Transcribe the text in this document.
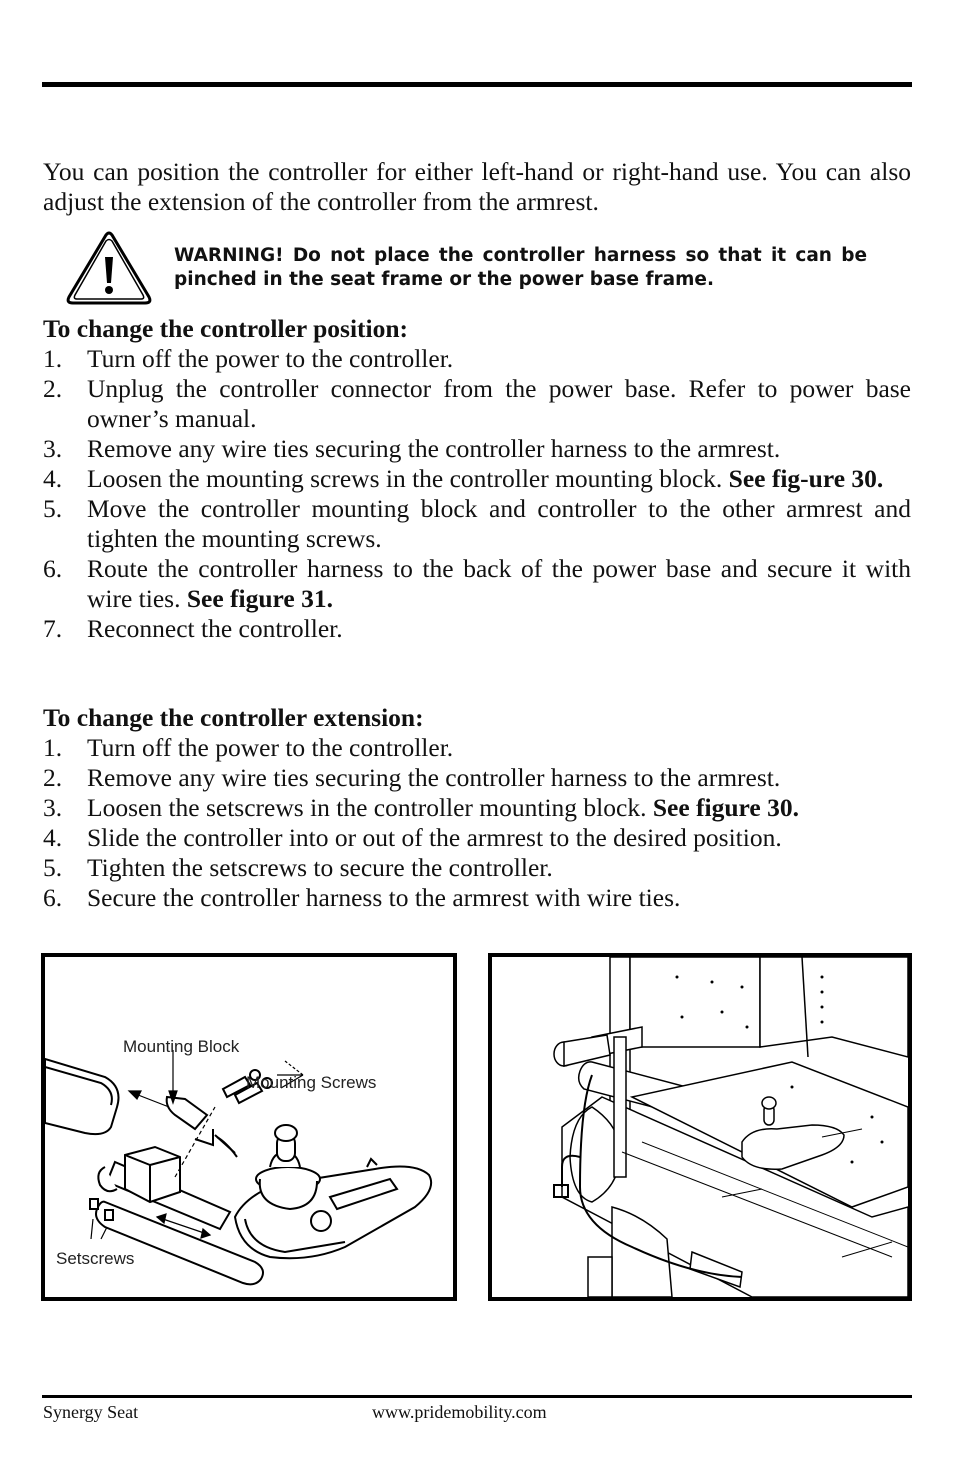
You can position the controller for either left-hand or right-hand use. You can also adjust the extension of the controller from the armrest.

WARNING! Do not place the controller harness so that it can be pinched in the seat frame or the power base frame.

To change the controller position:
1. Turn off the power to the controller.
2. Unplug the controller connector from the power base. Refer to power base owner’s manual.
3. Remove any wire ties securing the controller harness to the armrest.
4. Loosen the mounting screws in the controller mounting block. See fig-ure 30.
5. Move the controller mounting block and controller to the other armrest and tighten the mounting screws.
6. Route the controller harness to the back of the power base and secure it with wire ties. See figure 31.
7. Reconnect the controller.
To change the controller extension:
1. Turn off the power to the controller.
2. Remove any wire ties securing the controller harness to the armrest.
3. Loosen the setscrews in the controller mounting block. See figure 30.
4. Slide the controller into or out of the armrest to the desired position.
5. Tighten the setscrews to secure the controller.
6. Secure the controller harness to the armrest with wire ties.
Mounting Block
Mounting Screws
Setscrews
Synergy Seat	www.pridemobility.com
